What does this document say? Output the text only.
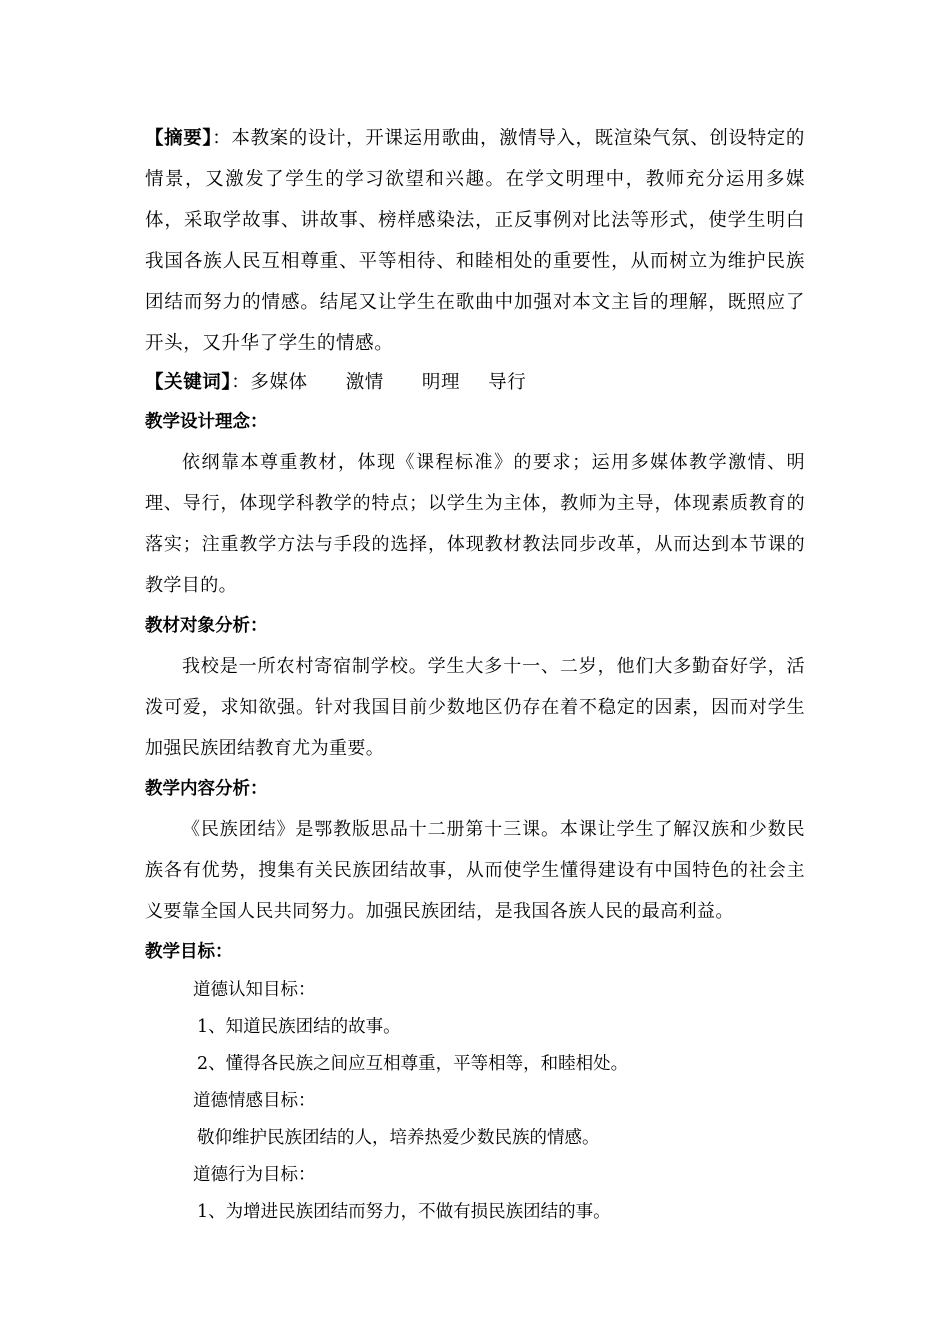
【摘要】：本教案的设计，开课运用歌曲，激情导入，既渲染气氛、创设特定的情景，又激发了学生的学习欲望和兴趣。在学文明理中，教师充分运用多媒体，采取学故事、讲故事、榜样感染法，正反事例对比法等形式，使学生明白我国各族人民互相尊重、平等相待、和睦相处的重要性，从而树立为维护民族团结而努力的情感。结尾又让学生在歌曲中加强对本文主旨的理解，既照应了开头，又升华了学生的情感。

【关键词】：多媒体 激情 明理 导行

教学设计理念：

依纲靠本尊重教材，体现《课程标准》的要求；运用多媒体教学激情、明理、导行，体现学科教学的特点；以学生为主体，教师为主导，体现素质教育的落实；注重教学方法与手段的选择，体现教材教法同步改革，从而达到本节课的教学目的。

教材对象分析：

我校是一所农村寄宿制学校。学生大多十一、二岁，他们大多勤奋好学，活泼可爱，求知欲强。针对我国目前少数地区仍存在着不稳定的因素，因而对学生加强民族团结教育尤为重要。

教学内容分析：

《民族团结》是鄂教版思品十二册第十三课。本课让学生了解汉族和少数民族各有优势，搜集有关民族团结故事，从而使学生懂得建设有中国特色的社会主义要靠全国人民共同努力。加强民族团结，是我国各族人民的最高利益。

教学目标：

道德认知目标：

1、知道民族团结的故事。

2、懂得各民族之间应互相尊重，平等相等，和睦相处。

道德情感目标：

敬仰维护民族团结的人，培养热爱少数民族的情感。

道德行为目标：

1、为增进民族团结而努力，不做有损民族团结的事。
